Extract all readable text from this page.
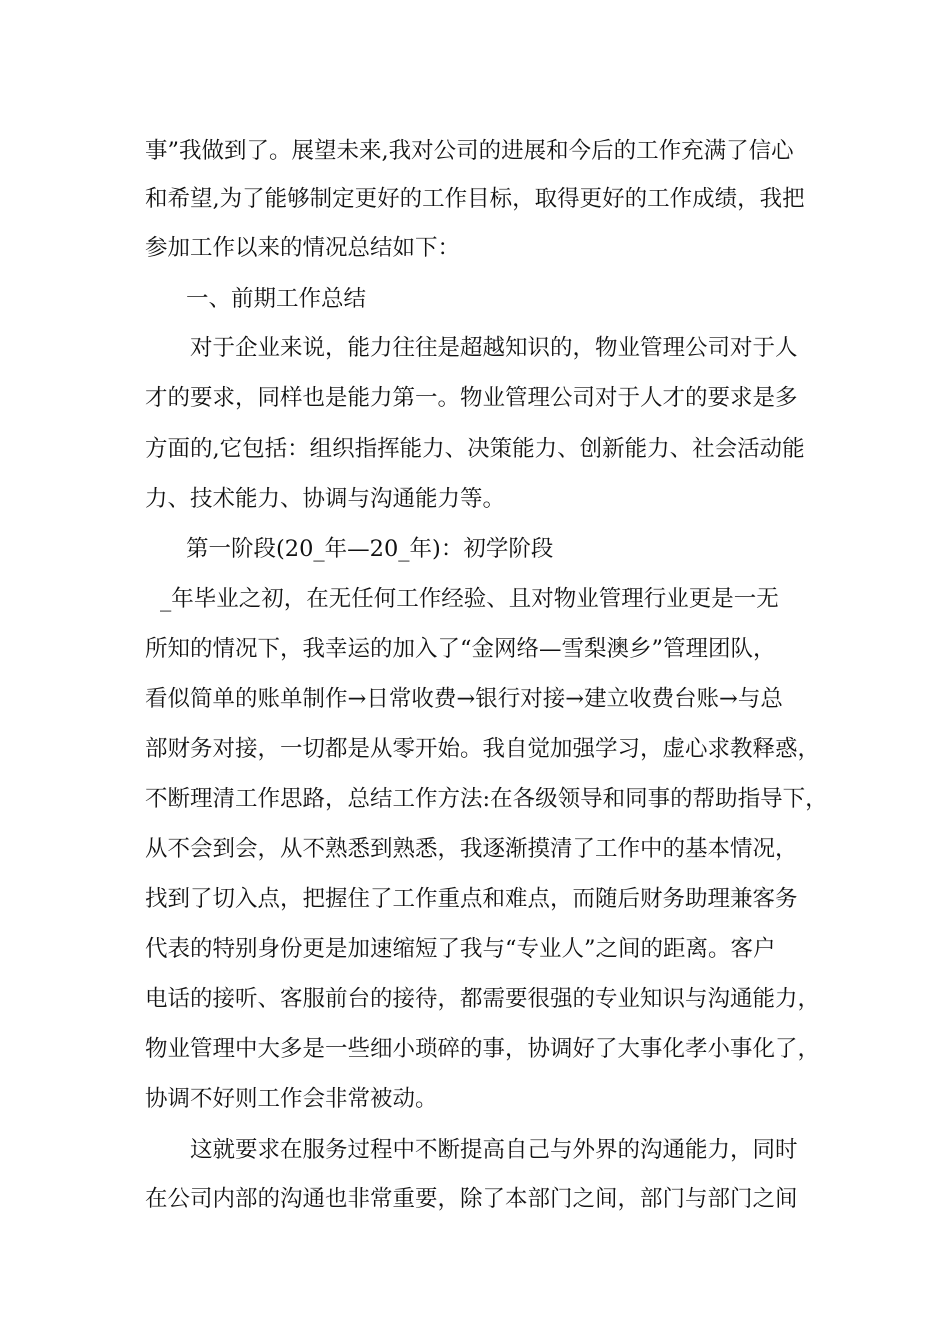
事”我做到了。展望未来,我对公司的进展和今后的工作充满了信心
和希望,为了能够制定更好的工作目标，取得更好的工作成绩，我把
参加工作以来的情况总结如下：
一、前期工作总结
对于企业来说，能力往往是超越知识的，物业管理公司对于人
才的要求，同样也是能力第一。物业管理公司对于人才的要求是多
方面的,它包括：组织指挥能力、决策能力、创新能力、社会活动能
力、技术能力、协调与沟通能力等。
第一阶段(20_年—20_年)：初学阶段
_年毕业之初，在无任何工作经验、且对物业管理行业更是一无
所知的情况下，我幸运的加入了“金网络—雪梨澳乡”管理团队，
看似简单的账单制作→日常收费→银行对接→建立收费台账→与总
部财务对接，一切都是从零开始。我自觉加强学习，虚心求教释惑，
不断理清工作思路，总结工作方法:在各级领导和同事的帮助指导下，
从不会到会，从不熟悉到熟悉，我逐渐摸清了工作中的基本情况，
找到了切入点，把握住了工作重点和难点，而随后财务助理兼客务
代表的特别身份更是加速缩短了我与“专业人”之间的距离。客户
电话的接听、客服前台的接待，都需要很强的专业知识与沟通能力，
物业管理中大多是一些细小琐碎的事，协调好了大事化孝小事化了，
协调不好则工作会非常被动。
这就要求在服务过程中不断提高自己与外界的沟通能力，同时
在公司内部的沟通也非常重要，除了本部门之间，部门与部门之间
